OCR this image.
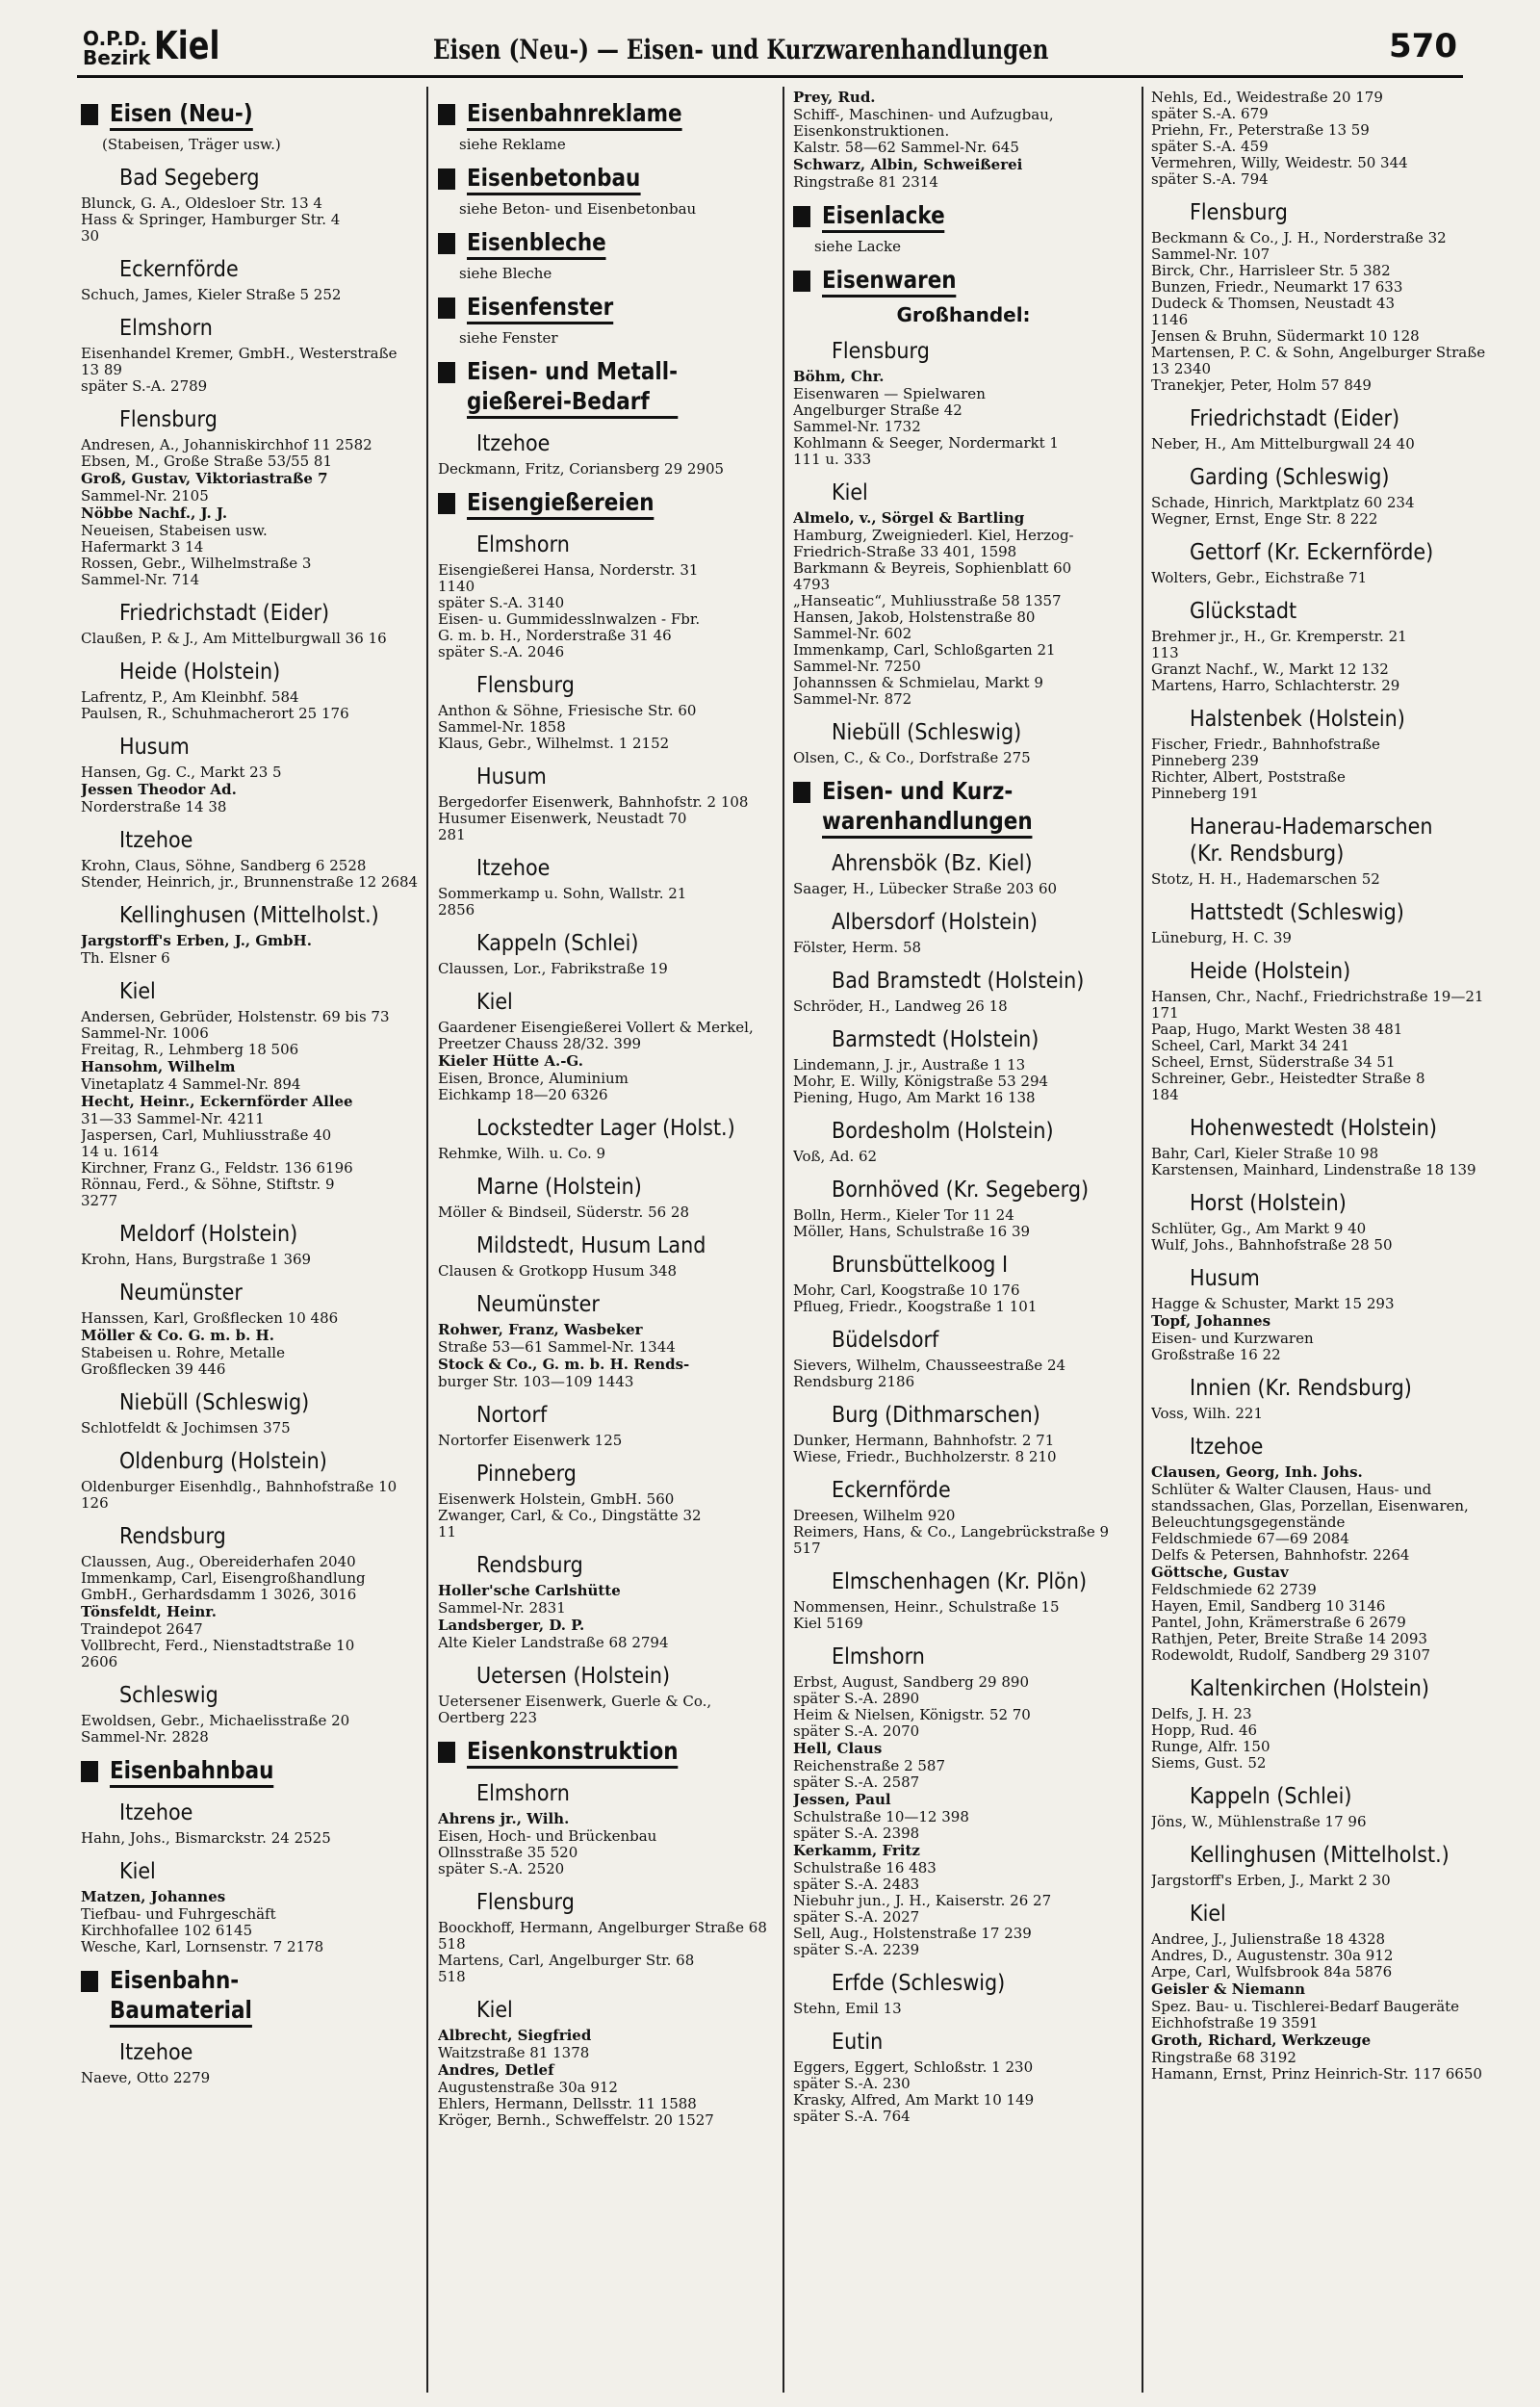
O.P.D.
Bezirk Kiel	Eisen (Neu-) — Eisen- und Kurzwarenhandlungen	570
Eisen (Neu-)
(Stabeisen, Träger usw.)
Bad Segeberg
Blunck, G. A., Oldesloer Str. 13 4
Hass & Springer, Hamburger Str. 4
30
Eckernförde
Schuch, James, Kieler Straße 5 252
Elmshorn
Eisenhandel Kremer, GmbH., Westerstraße 13 89
später S.-A. 2789
Flensburg
Andresen, A., Johanniskirchhof 11 2582
Ebsen, M., Große Straße 53/55 81
Groß, Gustav, Viktoriastraße 7
Sammel-Nr. 2105
Nöbbe Nachf., J. J.
Neueisen, Stabeisen usw.
Hafermarkt 3 14
Rossen, Gebr., Wilhelmstraße 3
Sammel-Nr. 714
Friedrichstadt (Eider)
Claußen, P. & J., Am Mittelburgwall 36 16
Heide (Holstein)
Lafrentz, P., Am Kleinbhf. 584
Paulsen, R., Schuhmacherort 25 176
Husum
Hansen, Gg. C., Markt 23 5
Jessen Theodor Ad.
Norderstraße 14 38
Itzehoe
Krohn, Claus, Söhne, Sandberg 6 2528
Stender, Heinrich, jr., Brunnenstraße 12 2684
Kellinghusen (Mittelholst.)
Jargstorff's Erben, J., GmbH.
Th. Elsner 6
Kiel
Andersen, Gebrüder, Holstenstr. 69 bis 73 Sammel-Nr. 1006
Freitag, R., Lehmberg 18 506
Hansohm, Wilhelm
Vinetaplatz 4 Sammel-Nr. 894
Hecht, Heinr., Eckernförder Allee
31—33 Sammel-Nr. 4211
Jaspersen, Carl, Muhliusstraße 40
14 u. 1614
Kirchner, Franz G., Feldstr. 136 6196
Rönnau, Ferd., & Söhne, Stiftstr. 9
3277
Meldorf (Holstein)
Krohn, Hans, Burgstraße 1 369
Neumünster
Hanssen, Karl, Großflecken 10 486
Möller & Co. G. m. b. H.
Stabeisen u. Rohre, Metalle
Großflecken 39 446
Niebüll (Schleswig)
Schlotfeldt & Jochimsen 375
Oldenburg (Holstein)
Oldenburger Eisenhdlg., Bahnhofstraße 10 126
Rendsburg
Claussen, Aug., Obereiderhafen 2040
Immenkamp, Carl, Eisengroßhandlung GmbH., Gerhardsdamm 1 3026, 3016
Tönsfeldt, Heinr.
Traindepot 2647
Vollbrecht, Ferd., Nienstadtstraße 10
2606
Schleswig
Ewoldsen, Gebr., Michaelisstraße 20
Sammel-Nr. 2828
Eisenbahnbau
Itzehoe
Hahn, Johs., Bismarckstr. 24 2525
Kiel
Matzen, Johannes
Tiefbau- und Fuhrgeschäft
Kirchhofallee 102 6145
Wesche, Karl, Lornsenstr. 7 2178
Eisenbahn-
Baumaterial
Itzehoe
Naeve, Otto 2279
Eisenbahnreklame
siehe Reklame
Eisenbetonbau
siehe Beton- und Eisenbetonbau
Eisenbleche
siehe Bleche
Eisenfenster
siehe Fenster
Eisen- und Metall-
gießerei-Bedarf
Itzehoe
Deckmann, Fritz, Coriansberg 29 2905
Eisengießereien
Elmshorn
Eisengießerei Hansa, Norderstr. 31
1140
später S.-A. 3140
Eisen- u. Gummidesslnwalzen - Fbr.
G. m. b. H., Norderstraße 31 46
später S.-A. 2046
Flensburg
Anthon & Söhne, Friesische Str. 60
Sammel-Nr. 1858
Klaus, Gebr., Wilhelmst. 1 2152
Husum
Bergedorfer Eisenwerk, Bahnhofstr. 2 108
Husumer Eisenwerk, Neustadt 70
281
Itzehoe
Sommerkamp u. Sohn, Wallstr. 21
2856
Kappeln (Schlei)
Claussen, Lor., Fabrikstraße 19
Kiel
Gaardener Eisengießerei Vollert & Merkel, Preetzer Chauss 28/32. 399
Kieler Hütte A.-G.
Eisen, Bronce, Aluminium
Eichkamp 18—20 6326
Lockstedter Lager (Holst.)
Rehmke, Wilh. u. Co. 9
Marne (Holstein)
Möller & Bindseil, Süderstr. 56 28
Mildstedt, Husum Land
Clausen & Grotkopp Husum 348
Neumünster
Rohwer, Franz, Wasbeker
Straße 53—61 Sammel-Nr. 1344
Stock & Co., G. m. b. H. Rends-
burger Str. 103—109 1443
Nortorf
Nortorfer Eisenwerk 125
Pinneberg
Eisenwerk Holstein, GmbH. 560
Zwanger, Carl, & Co., Dingstätte 32
11
Rendsburg
Holler'sche Carlshütte
Sammel-Nr. 2831
Landsberger, D. P.
Alte Kieler Landstraße 68 2794
Uetersen (Holstein)
Uetersener Eisenwerk, Guerle & Co., Oertberg 223
Eisenkonstruktion
Elmshorn
Ahrens jr., Wilh.
Eisen, Hoch- und Brückenbau
Ollnsstraße 35 520
später S.-A. 2520
Flensburg
Boockhoff, Hermann, Angelburger Straße 68 518
Martens, Carl, Angelburger Str. 68
518
Kiel
Albrecht, Siegfried
Waitzstraße 81 1378
Andres, Detlef
Augustenstraße 30a 912
Ehlers, Hermann, Dellsstr. 11 1588
Kröger, Bernh., Schweffelstr. 20 1527
Prey, Rud.
Schiff-, Maschinen- und Aufzugbau, Eisenkonstruktionen.
Kalstr. 58—62 Sammel-Nr. 645
Schwarz, Albin, Schweißerei
Ringstraße 81 2314
Eisenlacke
siehe Lacke
Eisenwaren
Großhandel:
Flensburg
Böhm, Chr.
Eisenwaren — Spielwaren
Angelburger Straße 42
Sammel-Nr. 1732
Kohlmann & Seeger, Nordermarkt 1
111 u. 333
Kiel
Almelo, v., Sörgel & Bartling
Hamburg, Zweigniederl. Kiel, Herzog-Friedrich-Straße 33 401, 1598
Barkmann & Beyreis, Sophienblatt 60
4793
„Hanseatic“, Muhliusstraße 58 1357
Hansen, Jakob, Holstenstraße 80
Sammel-Nr. 602
Immenkamp, Carl, Schloßgarten 21
Sammel-Nr. 7250
Johannssen & Schmielau, Markt 9
Sammel-Nr. 872
Niebüll (Schleswig)
Olsen, C., & Co., Dorfstraße 275
Eisen- und Kurz-
warenhandlungen
Ahrensbök (Bz. Kiel)
Saager, H., Lübecker Straße 203 60
Albersdorf (Holstein)
Fölster, Herm. 58
Bad Bramstedt (Holstein)
Schröder, H., Landweg 26 18
Barmstedt (Holstein)
Lindemann, J. jr., Austraße 1 13
Mohr, E. Willy, Königstraße 53 294
Piening, Hugo, Am Markt 16 138
Bordesholm (Holstein)
Voß, Ad. 62
Bornhöved (Kr. Segeberg)
Bolln, Herm., Kieler Tor 11 24
Möller, Hans, Schulstraße 16 39
Brunsbüttelkoog I
Mohr, Carl, Koogstraße 10 176
Pflueg, Friedr., Koogstraße 1 101
Büdelsdorf
Sievers, Wilhelm, Chausseestraße 24
Rendsburg 2186
Burg (Dithmarschen)
Dunker, Hermann, Bahnhofstr. 2 71
Wiese, Friedr., Buchholzerstr. 8 210
Eckernförde
Dreesen, Wilhelm 920
Reimers, Hans, & Co., Langebrückstraße 9 517
Elmschenhagen (Kr. Plön)
Nommensen, Heinr., Schulstraße 15
Kiel 5169
Elmshorn
Erbst, August, Sandberg 29 890
später S.-A. 2890
Heim & Nielsen, Königstr. 52 70
später S.-A. 2070
Hell, Claus
Reichenstraße 2 587
später S.-A. 2587
Jessen, Paul
Schulstraße 10—12 398
später S.-A. 2398
Kerkamm, Fritz
Schulstraße 16 483
später S.-A. 2483
Niebuhr jun., J. H., Kaiserstr. 26 27
später S.-A. 2027
Sell, Aug., Holstenstraße 17 239
später S.-A. 2239
Erfde (Schleswig)
Stehn, Emil 13
Eutin
Eggers, Eggert, Schloßstr. 1 230
später S.-A. 230
Krasky, Alfred, Am Markt 10 149
später S.-A. 764
Nehls, Ed., Weidestraße 20 179
später S.-A. 679
Priehn, Fr., Peterstraße 13 59
später S.-A. 459
Vermehren, Willy, Weidestr. 50 344
später S.-A. 794
Flensburg
Beckmann & Co., J. H., Norderstraße 32 Sammel-Nr. 107
Birck, Chr., Harrisleer Str. 5 382
Bunzen, Friedr., Neumarkt 17 633
Dudeck & Thomsen, Neustadt 43
1146
Jensen & Bruhn, Südermarkt 10 128
Martensen, P. C. & Sohn, Angelburger Straße 13 2340
Tranekjer, Peter, Holm 57 849
Friedrichstadt (Eider)
Neber, H., Am Mittelburgwall 24 40
Garding (Schleswig)
Schade, Hinrich, Marktplatz 60 234
Wegner, Ernst, Enge Str. 8 222
Gettorf (Kr. Eckernförde)
Wolters, Gebr., Eichstraße 71
Glückstadt
Brehmer jr., H., Gr. Kremperstr. 21
113
Granzt Nachf., W., Markt 12 132
Martens, Harro, Schlachterstr. 29
Halstenbek (Holstein)
Fischer, Friedr., Bahnhofstraße
Pinneberg 239
Richter, Albert, Poststraße
Pinneberg 191
Hanerau-Hademarschen
(Kr. Rendsburg)
Stotz, H. H., Hademarschen 52
Hattstedt (Schleswig)
Lüneburg, H. C. 39
Heide (Holstein)
Hansen, Chr., Nachf., Friedrichstraße 19—21 171
Paap, Hugo, Markt Westen 38 481
Scheel, Carl, Markt 34 241
Scheel, Ernst, Süderstraße 34 51
Schreiner, Gebr., Heistedter Straße 8
184
Hohenwestedt (Holstein)
Bahr, Carl, Kieler Straße 10 98
Karstensen, Mainhard, Lindenstraße 18 139
Horst (Holstein)
Schlüter, Gg., Am Markt 9 40
Wulf, Johs., Bahnhofstraße 28 50
Husum
Hagge & Schuster, Markt 15 293
Topf, Johannes
Eisen- und Kurzwaren
Großstraße 16 22
Innien (Kr. Rendsburg)
Voss, Wilh. 221
Itzehoe
Clausen, Georg, Inh. Johs.
Schlüter & Walter Clausen, Haus- und standssachen, Glas, Porzellan, Eisenwaren, Beleuchtungsgegenstände
Feldschmiede 67—69 2084
Delfs & Petersen, Bahnhofstr. 2264
Göttsche, Gustav
Feldschmiede 62 2739
Hayen, Emil, Sandberg 10 3146
Pantel, John, Krämerstraße 6 2679
Rathjen, Peter, Breite Straße 14 2093
Rodewoldt, Rudolf, Sandberg 29 3107
Kaltenkirchen (Holstein)
Delfs, J. H. 23
Hopp, Rud. 46
Runge, Alfr. 150
Siems, Gust. 52
Kappeln (Schlei)
Jöns, W., Mühlenstraße 17 96
Kellinghusen (Mittelholst.)
Jargstorff's Erben, J., Markt 2 30
Kiel
Andree, J., Julienstraße 18 4328
Andres, D., Augustenstr. 30a 912
Arpe, Carl, Wulfsbrook 84a 5876
Geisler & Niemann
Spez. Bau- u. Tischlerei-Bedarf Baugeräte
Eichhofstraße 19 3591
Groth, Richard, Werkzeuge
Ringstraße 68 3192
Hamann, Ernst, Prinz Heinrich-Str. 117 6650
